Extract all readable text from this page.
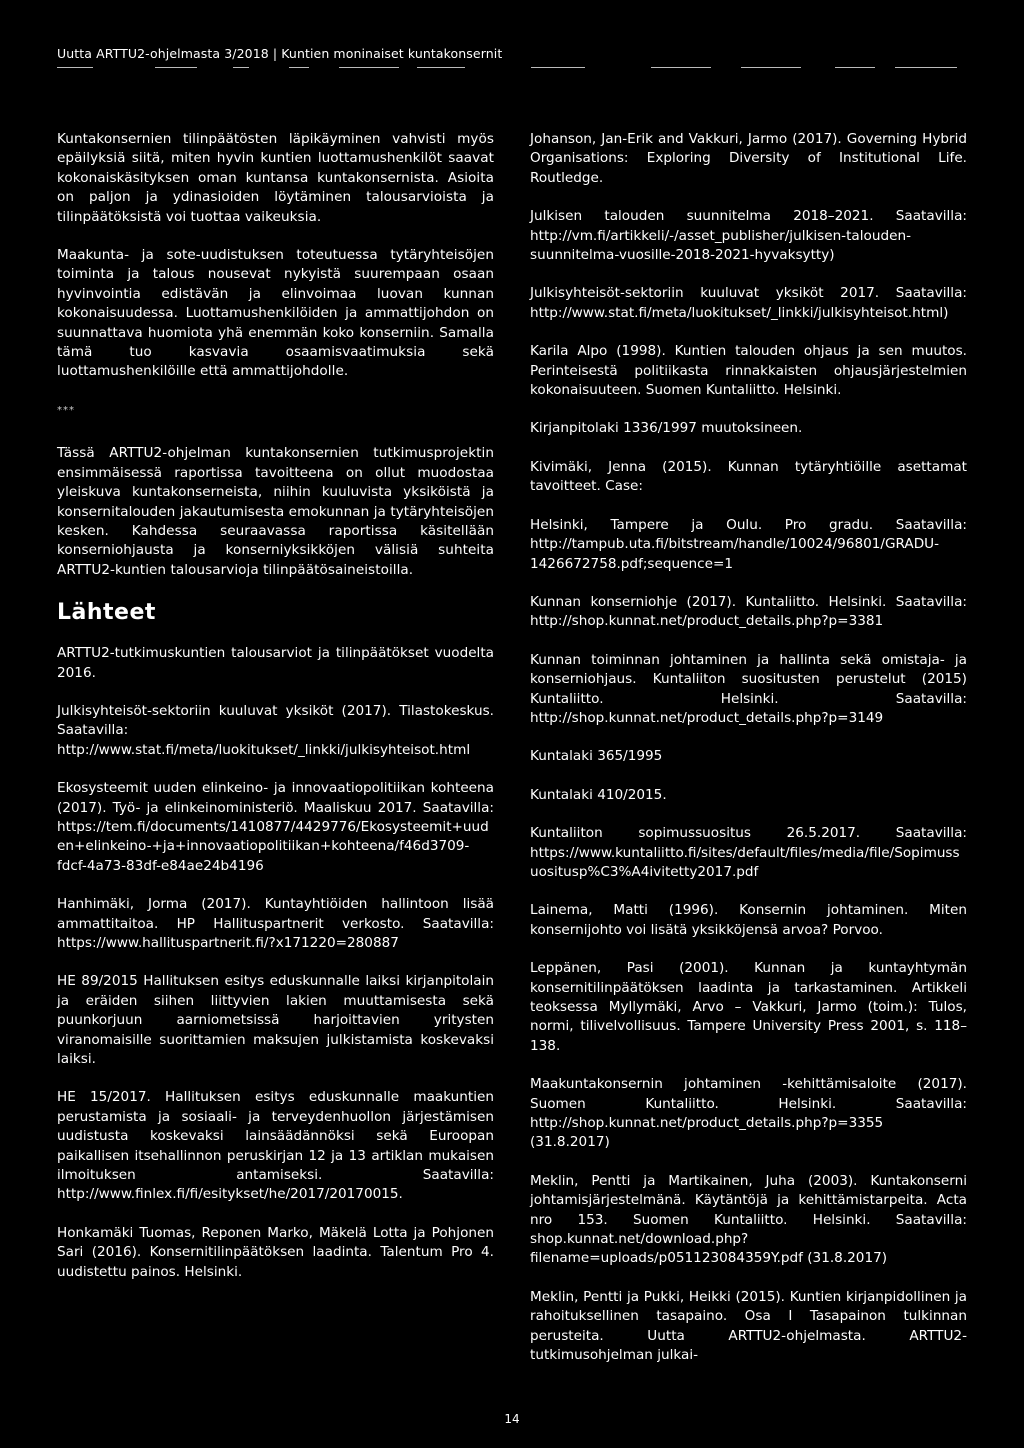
Uutta ARTTU2-ohjelmasta 3/2018 | Kuntien moninaiset kuntakonsernit

Kuntakonsernien tilinpäätösten läpikäyminen vahvisti myös epäilyksiä siitä, miten hyvin kuntien luottamushenkilöt saavat kokonaiskäsityksen oman kuntansa kuntakonsernista. Asioita on paljon ja ydinasioiden löytäminen talousarvioista ja tilinpäätöksistä voi tuottaa vaikeuksia.

Maakunta- ja sote-uudistuksen toteutuessa tytäryhteisöjen toiminta ja talous nousevat nykyistä suurempaan osaan hyvinvointia edistävän ja elinvoimaa luovan kunnan kokonaisuudessa. Luottamushenkilöiden ja ammattijohdon on suunnattava huomiota yhä enemmän koko konserniin. Samalla tämä tuo kasvavia osaamisvaatimuksia sekä luottamushenkilöille että ammattijohdolle.

***

Tässä ARTTU2-ohjelman kuntakonsernien tutkimusprojektin ensimmäisessä raportissa tavoitteena on ollut muodostaa yleiskuva kuntakonserneista, niihin kuuluvista yksiköistä ja konsernitalouden jakautumisesta emokunnan ja tytäryhteisöjen kesken. Kahdessa seuraavassa raportissa käsitellään konserniohjausta ja konserniyksikköjen välisiä suhteita ARTTU2-kuntien talousarvioja tilinpäätösaineistoilla.

Lähteet

ARTTU2-tutkimuskuntien talousarviot ja tilinpäätökset vuodelta 2016.

Julkisyhteisöt-sektoriin kuuluvat yksiköt (2017). Tilastokeskus. Saatavilla: http://www.stat.fi/meta/luokitukset/_linkki/julkisyhteisot.html

Ekosysteemit uuden elinkeino- ja innovaatiopolitiikan kohteena (2017). Työ- ja elinkeinoministeriö. Maaliskuu 2017. Saatavilla: https://tem.fi/documents/1410877/4429776/Ekosysteemit+uuden+elinkeino-+ja+innovaatiopolitiikan+kohteena/f46d3709-fdcf-4a73-83df-e84ae24b4196

Hanhimäki, Jorma (2017). Kuntayhtiöiden hallintoon lisää ammattitaitoa. HP Hallituspartnerit verkosto. Saatavilla: https://www.hallituspartnerit.fi/?x171220=280887

HE 89/2015 Hallituksen esitys eduskunnalle laiksi kirjanpitolain ja eräiden siihen liittyvien lakien muuttamisesta sekä puunkorjuun aarniometsissä harjoittavien yritysten viranomaisille suorittamien maksujen julkistamista koskevaksi laiksi.

HE 15/2017. Hallituksen esitys eduskunnalle maakuntien perustamista ja sosiaali- ja terveydenhuollon järjestämisen uudistusta koskevaksi lainsäädännöksi sekä Euroopan paikallisen itsehallinnon peruskirjan 12 ja 13 artiklan mukaisen ilmoituksen antamiseksi. Saatavilla: http://www.finlex.fi/fi/esitykset/he/2017/20170015.

Honkamäki Tuomas, Reponen Marko, Mäkelä Lotta ja Pohjonen Sari (2016). Konsernitilinpäätöksen laadinta. Talentum Pro 4. uudistettu painos. Helsinki.

Johanson, Jan-Erik and Vakkuri, Jarmo (2017). Governing Hybrid Organisations: Exploring Diversity of Institutional Life. Routledge.

Julkisen talouden suunnitelma 2018–2021. Saatavilla: http://vm.fi/artikkeli/-/asset_publisher/julkisen-talouden-suunnitelma-vuosille-2018-2021-hyvaksytty)

Julkisyhteisöt-sektoriin kuuluvat yksiköt 2017. Saatavilla: http://www.stat.fi/meta/luokitukset/_linkki/julkisyhteisot.html)

Karila Alpo (1998). Kuntien talouden ohjaus ja sen muutos. Perinteisestä politiikasta rinnakkaisten ohjausjärjestelmien kokonaisuuteen. Suomen Kuntaliitto. Helsinki.

Kirjanpitolaki 1336/1997 muutoksineen.

Kivimäki, Jenna (2015). Kunnan tytäryhtiöille asettamat tavoitteet. Case:

Helsinki, Tampere ja Oulu. Pro gradu. Saatavilla: http://tampub.uta.fi/bitstream/handle/10024/96801/GRADU-1426672758.pdf;sequence=1

Kunnan konserniohje (2017). Kuntaliitto. Helsinki. Saatavilla: http://shop.kunnat.net/product_details.php?p=3381

Kunnan toiminnan johtaminen ja hallinta sekä omistaja- ja konserniohjaus. Kuntaliiton suositusten perustelut (2015) Kuntaliitto. Helsinki. Saatavilla: http://shop.kunnat.net/product_details.php?p=3149

Kuntalaki 365/1995

Kuntalaki 410/2015.

Kuntaliiton sopimussuositus 26.5.2017. Saatavilla: https://www.kuntaliitto.fi/sites/default/files/media/file/Sopimussuositusp%C3%A4ivitetty2017.pdf

Lainema, Matti (1996). Konsernin johtaminen. Miten konsernijohto voi lisätä yksikköjensä arvoa? Porvoo.

Leppänen, Pasi (2001). Kunnan ja kuntayhtymän konsernitilinpäätöksen laadinta ja tarkastaminen. Artikkeli teoksessa Myllymäki, Arvo – Vakkuri, Jarmo (toim.): Tulos, normi, tilivelvollisuus. Tampere University Press 2001, s. 118–138.

Maakuntakonsernin johtaminen -kehittämisaloite (2017). Suomen Kuntaliitto. Helsinki. Saatavilla: http://shop.kunnat.net/product_details.php?p=3355 (31.8.2017)

Meklin, Pentti ja Martikainen, Juha (2003). Kuntakonserni johtamisjärjestelmänä. Käytäntöjä ja kehittämistarpeita. Acta nro 153. Suomen Kuntaliitto. Helsinki. Saatavilla: shop.kunnat.net/download.php?filename=uploads/p051123084359Y.pdf (31.8.2017)

Meklin, Pentti ja Pukki, Heikki (2015). Kuntien kirjanpidollinen ja rahoituksellinen tasapaino. Osa I Tasapainon tulkinnan perusteita. Uutta ARTTU2-ohjelmasta. ARTTU2-tutkimusohjelman julkai-

14
